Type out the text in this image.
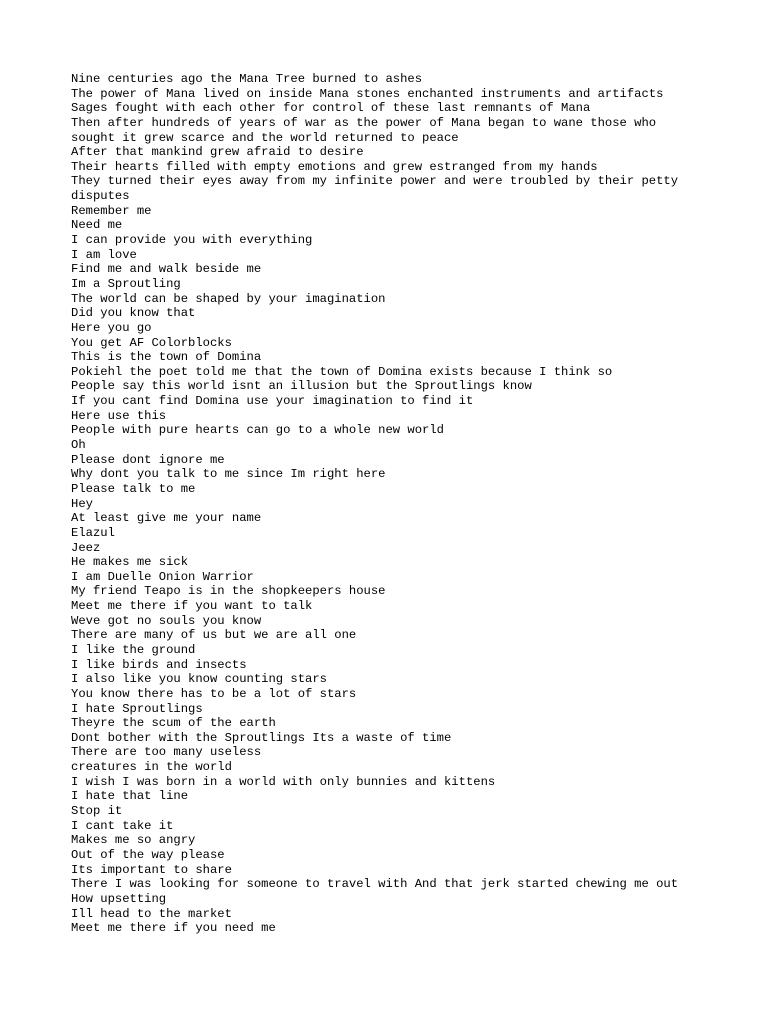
Nine centuries ago the Mana Tree burned to ashes
The power of Mana lived on inside Mana stones enchanted instruments and artifacts
Sages fought with each other for control of these last remnants of Mana
Then after hundreds of years of war as the power of Mana began to wane those who
sought it grew scarce and the world returned to peace
After that mankind grew afraid to desire
Their hearts filled with empty emotions and grew estranged from my hands
They turned their eyes away from my infinite power and were troubled by their petty
disputes
Remember me
Need me
I can provide you with everything
I am love
Find me and walk beside me
Im a Sproutling
The world can be shaped by your imagination
Did you know that
Here you go
You get AF Colorblocks
This is the town of Domina
Pokiehl the poet told me that the town of Domina exists because I think so
People say this world isnt an illusion but the Sproutlings know
If you cant find Domina use your imagination to find it
Here use this
People with pure hearts can go to a whole new world
Oh
Please dont ignore me
Why dont you talk to me since Im right here
Please talk to me
Hey
At least give me your name
Elazul
Jeez
He makes me sick
I am Duelle Onion Warrior
My friend Teapo is in the shopkeepers house
Meet me there if you want to talk
Weve got no souls you know
There are many of us but we are all one
I like the ground
I like birds and insects
I also like you know counting stars
You know there has to be a lot of stars
I hate Sproutlings
Theyre the scum of the earth
Dont bother with the Sproutlings Its a waste of time
There are too many useless
creatures in the world
I wish I was born in a world with only bunnies and kittens
I hate that line
Stop it
I cant take it
Makes me so angry
Out of the way please
Its important to share
There I was looking for someone to travel with And that jerk started chewing me out
How upsetting
Ill head to the market
Meet me there if you need me
